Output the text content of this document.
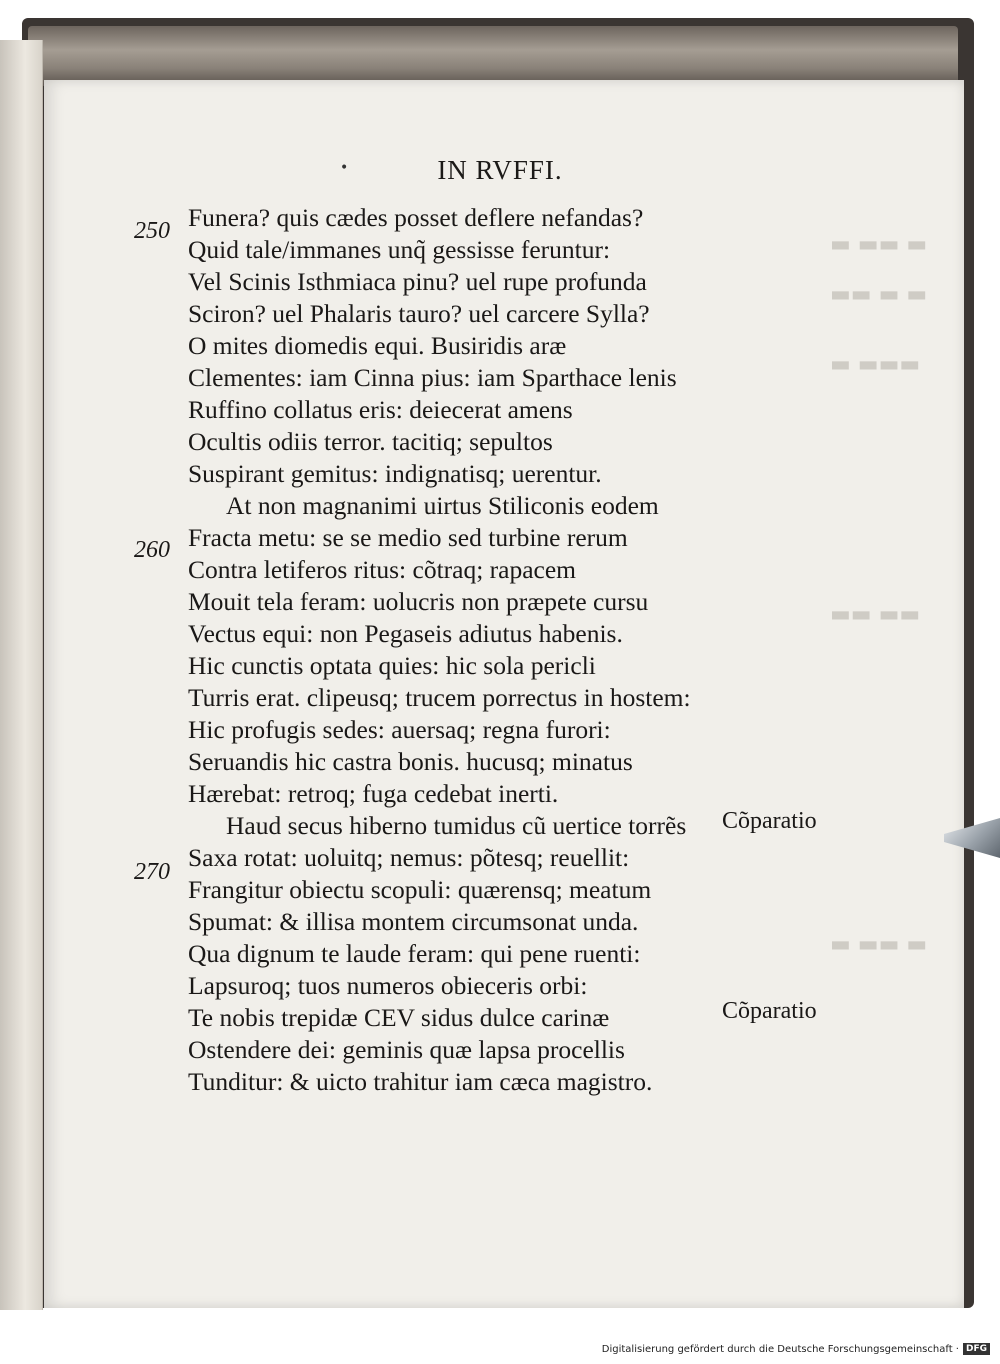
▬ ▬▬ ▬
▬▬ ▬ ▬
▬ ▬▬▬
▬▬ ▬▬
▬ ▬▬ ▬
•	IN RVFFI.
250
260
270
Funera? quis cædes posset deflere nefandas?
Quid tale/immanes unq̃ gessisse feruntur:
Vel Scinis Isthmiaca pinu? uel rupe profunda
Sciron? uel Phalaris tauro? uel carcere Sylla?
O mites diomedis equi. Busiridis aræ
Clementes: iam Cinna pius: iam Sparthace lenis
Ruffino collatus eris: deiecerat amens
Ocultis odiis terror. tacitiq; sepultos
Suspirant gemitus: indignatisq; uerentur.
At non magnanimi uirtus Stiliconis eodem
Fracta metu: se se medio sed turbine rerum
Contra letiferos ritus: cõtraq; rapacem
Mouit tela feram: uolucris non præpete cursu
Vectus equi: non Pegaseis adiutus habenis.
Hic cunctis optata quies: hic sola pericli
Turris erat. clipeusq; trucem porrectus in hostem:
Hic profugis sedes: auersaq; regna furori:
Seruandis hic castra bonis. hucusq; minatus
Hærebat: retroq; fuga cedebat inerti.
Haud secus hiberno tumidus cũ uertice torrẽs
Saxa rotat: uoluitq; nemus: põtesq; reuellit:
Frangitur obiectu scopuli: quærensq; meatum
Spumat: & illisa montem circumsonat unda.
Qua dignum te laude feram: qui pene ruenti:
Lapsuroq; tuos numeros obieceris orbi:
Te nobis trepidæ CEV sidus dulce carinæ
Ostendere dei: geminis quæ lapsa procellis
Tunditur: & uicto trahitur iam cæca magistro.
Cõparatio
Cõparatio
Digitalisierung gefördert durch die Deutsche Forschungsgemeinschaft · DFG
